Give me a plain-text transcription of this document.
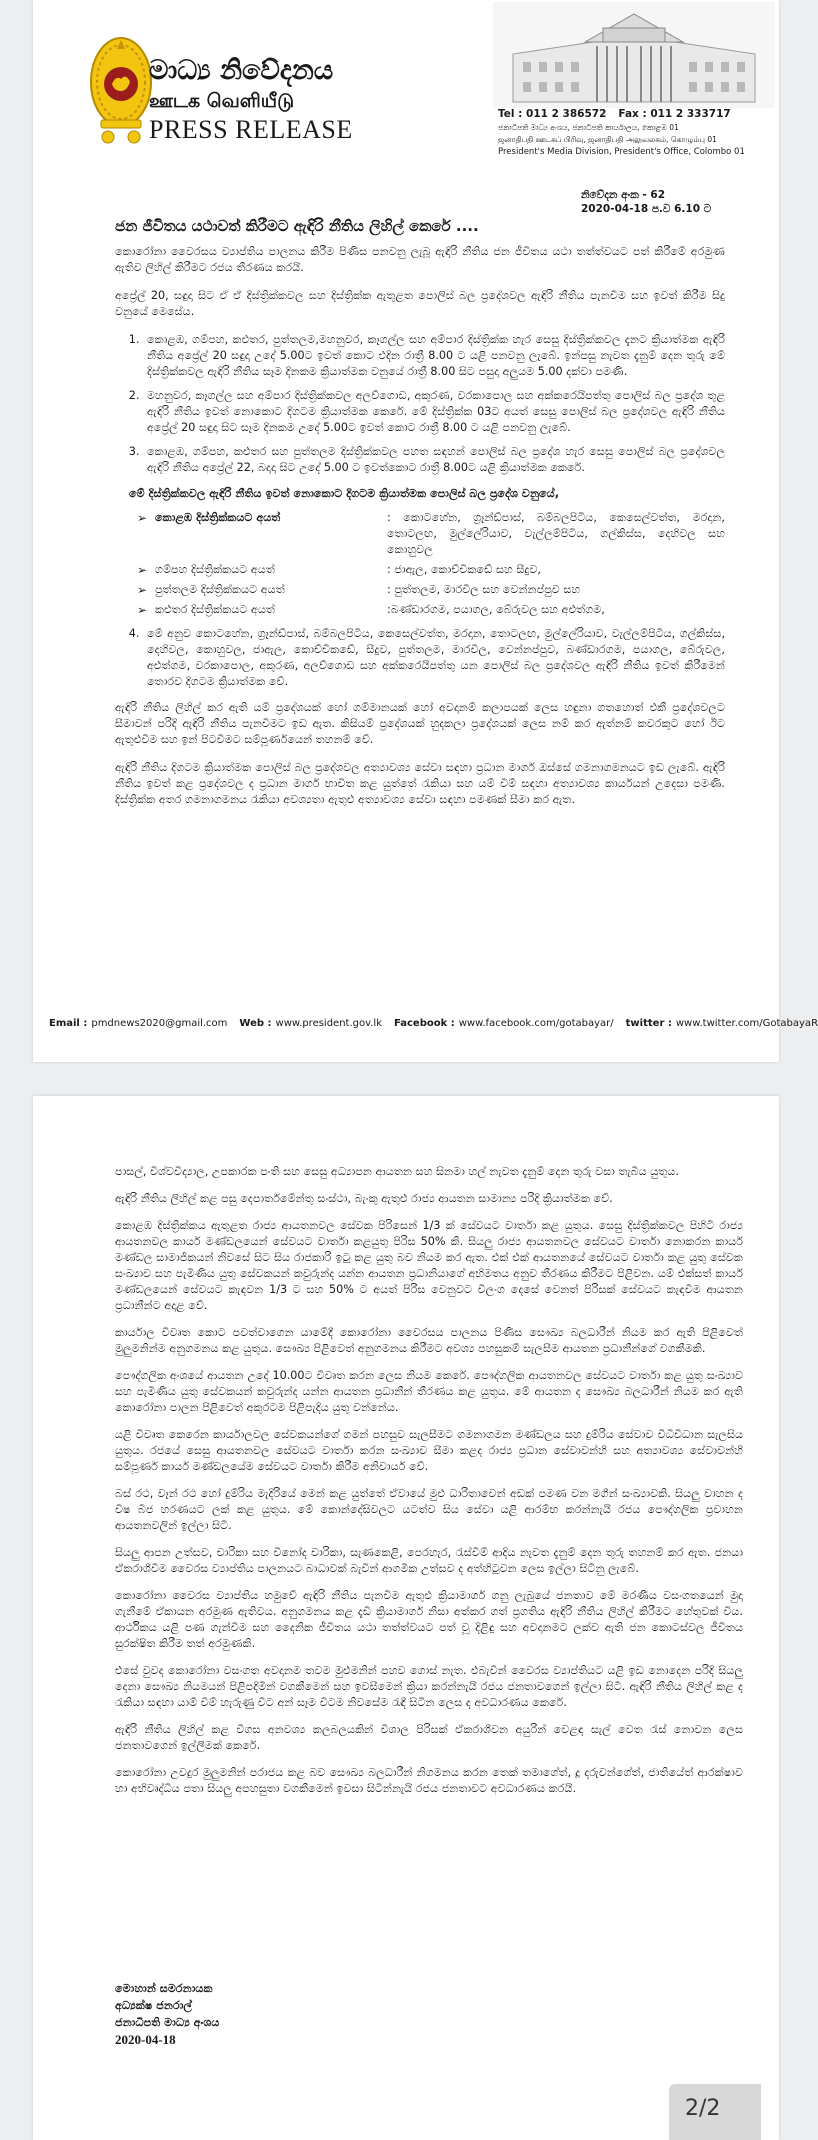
මාධ්‍ය නිවේදනය
ஊடக வெளியீடு
PRESS RELEASE
Tel : 011 2 386572 Fax : 011 2 333717
ජනාධිපති මාධ්‍ය අංශය, ජනාධිපති කාර්යාලය, කොළඹ 01
ஜனாதிபதி ஊடகப் பிரிவு, ஜனாதிபதி அலுவலகம், கொழும்பு 01
President's Media Division, President's Office, Colombo 01
නිවේදන අංක - 62
2020-04-18 ප.ව 6.10 ට
ජන ජීවිතය යථාවත් කිරීමට ඇඳිරි නීතිය ලිහිල් කෙරේ ....

කොරෝනා වෛරසය ව්‍යාප්තිය පාලනය කිරීම පිණිස පනවනු ලැබූ ඇඳිරි නීතිය ජන ජීවිතය යථා තත්ත්වයට පත් කිරීමේ අරමුණ ඇතිව ලිහිල් කිරීමට රජය තීරණය කරයි.

අප්‍රේල් 20, සඳුදා සිට ඒ ඒ දිස්ත්‍රික්කවල සහ දිස්ත්‍රික්ක ඇතුළත පොලිස් බල ප්‍රදේශවල ඇඳිරි නීතිය පැනවීම සහ ඉවත් කිරීම සිදු වනුයේ මෙසේය.

1. කොළඹ, ගම්පහ, කළුතර, පුත්තලම,මහනුවර, කෑගල්ල සහ අම්පාර දිස්ත්‍රික්ක හැර සෙසු දිස්ත්‍රික්කවල දැනට ක්‍රියාත්මක ඇඳිරි නීතිය අප්‍රේල් 20 සඳුදා උදේ 5.00ට ඉවත් කොට එදින රාත්‍රී 8.00 ට යළි පනවනු ලැබේ. ඉන්පසු නැවත දැනුම් දෙන තුරු මේ දිස්ත්‍රික්කවල ඇඳිරි නීතිය සෑම දිනකම ක්‍රියාත්මක වනුයේ රාත්‍රී 8.00 සිට පසුදා අලුයම 5.00 දක්වා පමණි.
2. මහනුවර, කෑගල්ල සහ අම්පාර දිස්ත්‍රික්කවල අලව්ගොඩ, අකුරණ, වරකාපොල සහ අක්කරෙයිපත්තු පොලිස් බල ප්‍රදේශ තුළ ඇඳිරි නීතිය ඉවත් නොකොට දිගටම ක්‍රියාත්මක කෙරේ. මේ දිස්ත්‍රික්ක 03ට අයත් සෙසු පොලිස් බල ප්‍රදේශවල ඇඳිරි නීතිය අප්‍රේල් 20 සඳුදා සිට සෑම දිනකම උදේ 5.00ට ඉවත් කොට රාත්‍රී 8.00 ට යළි පනවනු ලැබේ.
3. කොළඹ, ගම්පහ, කළුතර සහ පුත්තලම දිස්ත්‍රික්කවල පහත සඳහන් පොලිස් බල ප්‍රදේශ හැර සෙසු පොලිස් බල ප්‍රදේශවල ඇඳිරි නීතිය අප්‍රේල් 22, බදාදා සිට උදේ 5.00 ට ඉවත්කොට රාත්‍රී 8.00ට යළි ක්‍රියාත්මක කෙරේ.
මේ දිස්ත්‍රික්කවල ඇඳිරි නීතිය ඉවත් නොකොට දිගටම ක්‍රියාත්මක පොලිස් බල ප්‍රදේශ වනුයේ,
➢ කොළඹ දිස්ත්‍රික්කයට අයත්	: කොටහේන, ග්‍රෑන්ඩ්පාස්, බම්බලපිටිය, කෙසෙල්වත්ත, මරදාන, තොටලඟ, මුල්ලේරියාව, වැල්ලම්පිටිය, ගල්කිස්ස, දෙහිවල සහ කොහුවල
➢ ගම්පහ දිස්ත්‍රික්කයට අයත්	: ජාඇල, කොච්චිකඩේ සහ සීදුව,
➢ පුත්තලම දිස්ත්‍රික්කයට අයත්	: පුත්තලම, මාරවිල සහ වෙන්නප්පුව සහ
➢ කළුතර දිස්ත්‍රික්කයට අයත්	:බණ්ඩාරගම, පයාගල, බේරුවල සහ අළුත්ගම,
4. මේ අනුව කොටහේන, ග්‍රෑන්ඩ්පාස්, බම්බලපිටිය, කෙසෙල්වත්ත, මරදාන, තොටලඟ, මුල්ලේරියාව, වැල්ලම්පිටිය, ගල්කිස්ස, දෙහිවල, කොහුවල, ජාඇල, කොච්චිකඩේ, සීදුව, පුත්තලම, මාරවිල, වෙන්නප්පුව, බණ්ඩාරගම, පයාගල, බේරුවල, අළුත්ගම, වරකාපොල, අකුරණ, අලව්ගොඩ සහ අක්කරෙයිපත්තු යන පොලිස් බල ප්‍රදේශවල ඇඳිරි නීතිය ඉවත් කිරීමෙන් තොරව දිගටම ක්‍රියාත්මක වේ.

ඇඳිරි නීතිය ලිහිල් කර ඇති යම් ප්‍රදේශයක් හෝ ගම්මානයක් හෝ අවදානම් කලාපයක් ලෙස හඳුනා ගතහොත් එකී ප්‍රදේශවලට සීමාවන් පරිදි ඇඳිරි නීතිය පැනවීමට ඉඩ ඇත. කිසියම් ප්‍රදේශයක් හුදකලා ප්‍රදේශයක් ලෙස නම් කර ඇත්නම් කවරකුට හෝ ඊට ඇතුළුවීම සහ ඉන් පිටවීමට සම්පූර්ණයෙන් තහනම් වේ.

ඇඳිරි නීතිය දිගටම ක්‍රියාත්මක පොලිස් බල ප්‍රදේශවල අත්‍යාවශ්‍ය සේවා සඳහා ප්‍රධාන මාර්ග ඔස්සේ ගමනාගමනයට ඉඩ ලැබේ. ඇඳිරි නීතිය ඉවත් කළ ප්‍රදේශවල ද ප්‍රධාන මාර්ග භාවිත කළ යුත්තේ රැකියා සහ යම් වීම් සඳහා අත්‍යාවශ්‍ය කාර්යයන් උදෙසා පමණි. දිස්ත්‍රික්ක අතර ගමනාගමනය රැකියා අවශ්‍යතා ඇතුළු අත්‍යාවශ්‍ය සේවා සඳහා පමණක් සීමා කර ඇත.

Email : pmdnews2020@gmail.com Web : www.president.gov.lk Facebook : www.facebook.com/gotabayar/ twitter : www.twitter.com/GotabayaR

පාසල්, විශ්වවිද්‍යාල, උපකාරක පංති සහ සෙසු අධ්‍යාපන ආයතන සහ සිනමා හල් නැවත දැනුම් දෙන තුරු වසා තැබිය යුතුය.

ඇඳිරි නීතිය ලිහිල් කළ පසු දෙපාර්තමේන්තු සංස්ථා, බැංකු ඇතුළු රාජ්‍ය ආයතන සාමාන්‍ය පරිදි ක්‍රියාත්මක වේ.

කොළඹ දිස්ත්‍රික්කය ඇතුළත රාජ්‍ය ආයතනවල සේවක පිරිසෙන් 1/3 ක් සේවයට වාර්තා කළ යුතුය. සෙසු දිස්ත්‍රික්කවල පිහිටි රාජ්‍ය ආයතනවල කාර්ය මණ්ඩලයෙන් සේවයට වාර්තා කළයුතු පිරිස 50% කි. සියලු රාජ්‍ය ආයතනවල සේවයට වාර්තා නොකරන කාර්ය මණ්ඩල සාමාජිකයන් නිවසේ සිට සිය රාජකාරි ඉටු කළ යුතු බව නියම කර ඇත. එක් එක් ආයතනයේ සේවයට වාර්තා කළ යුතු සේවක සංඛ්‍යාව සහ පැමිණිය යුතු සේවකයන් කවුරුන්ද යන්න ආයතන ප්‍රධානියාගේ අභිමතය අනුව තීරණය කිරීමට පිළිවන. යම් එක්සත් කාර්ය මණ්ඩලයෙන් සේවයට කැඳවන 1/3 ට සහ 50% ට අයත් පිරිස වෙනුවට විලංග දෙසේ වෙනත් පිරිසක් සේවයට කැඳවීම ආයතන ප්‍රධානීන්ට අදාළ වේ.

කාර්යාල විවෘත කොට පවත්වාගෙන යාමේදී කොරෝනා වෛරසය පාලනය පිණිස සෞඛ්‍ය බලධාරීන් නියම කර ඇති පිළිවෙත් මුලුමනින්ම අනුගමනය කළ යුතුය. සෞඛ්‍ය පිළිවෙත් අනුගමනය කිරීමට අවශ්‍ය පහසුකම් සැලසීම ආයතන ප්‍රධානීන්ගේ වගකීමකි.

පෞද්ගලික අංශයේ ආයතන උදේ 10.00ට විවෘත කරන ලෙස නියම කෙරේ. පෞද්ගලික ආයතනවල සේවයට වාර්තා කළ යුතු සංඛ්‍යාව සහ පැමිණිය යුතු සේවකයන් කවුරුන්ද යන්න ආයතන ප්‍රධානීන් තීරණය කළ යුතුය. මේ ආයතන ද සෞඛ්‍ය බලධාරීන් නියම කර ඇති කොරෝනා පාලන පිළිවෙත් අකුරටම පිළිපැදිය යුතු වන්නේය.

යළි විවෘත කෙරෙන කාර්යාලවල සේවකයන්ගේ ගමන් පහසුව සැලසීමට ගමනාගමන මණ්ඩලය සහ දුම්රිය සේවාව විධිවිධාන සැලසිය යුතුය. රජයේ සෙසු ආයතනවල සේවයට වාර්තා කරන සංඛ්‍යාව සීමා කළද රාජ්‍ය ප්‍රධාන සේවාවන්හි සහ අත්‍යාවශ්‍ය සේවාවන්හි සම්පූර්ණ කාර්ය මණ්ඩලයේම සේවයට වාර්තා කිරීම අනිවාර්ය වේ.

බස් රථ, වෑන් රථ හෝ දුම්රිය මැදිරියේ මෙන් කළ යුත්තේ ඒවායේ මුළු ධාරිතාවෙන් අඩක් පමණ වන මගීන් සංඛ්‍යාවකි. සියලු වාහන ද විෂ බීජ හරණයට ලක් කළ යුතුය. මේ කොන්දේසිවලට යටත්ව සිය සේවා යළි ආරම්භ කරන්නැයි රජය පෞද්ගලික ප්‍රවාහන ආයතනවලින් ඉල්ලා සිටී.

සියලු ආපන උත්සව, චාරිකා සහ විනෝද චාරිකා, සැණකෙළි, පෙරහැර, රැස්වීම් ආදිය නැවත දැනුම් දෙන තුරු තහනම් කර ඇත. ජනයා ඒකරාශීවීම වෛරස ව්‍යාප්තිය පාලනයට බාධාවක් බැවින් ආගමික උත්සව ද අත්හිටුවන ලෙස ඉල්ලා සිටිනු ලැබේ.

කොරෝනා වෛරස ව්‍යාප්තිය හමුවේ ඇඳිරි නීතිය පැනවීම ඇතුළු ක්‍රියාමාර්ග ගනු ලැබුයේ ජනතාව මේ මරණීය වසංගතයෙන් මුදා ගැනීමේ ඒකායන අරමුණ ඇතිවය. අනුගමනය කළ දැඩි ක්‍රියාමාර්ග නිසා අත්කර ගත් ප්‍රගතිය ඇඳිරි නීතිය ලිහිල් කිරීමට හේතුවක් විය. ආර්ථිකය යළි පණ ගැන්වීම සහ දෛනික ජීවිතය යථා තත්ත්වයට පත් වූ දිළිඳු සහ අවදානමට ලක්ව ඇති ජන කොටස්වල ජීවිතය සුරක්ෂිත කිරීම තත් අරමුණකි.

එසේ වුවද කොරෝනා වසංගත අවදානම තවම මුළුමනින් පහව ගොස් නැත. එබැවින් වෛරස ව්‍යාප්තියට යළි ඉඩ නොදෙන පරිදි සියලු දෙනා සෞඛ්‍ය නියමයන් පිළිපදිමින් වගකීමෙන් සහ ඉවසීමෙන් ක්‍රියා කරන්නැයි රජය ජනතාවගෙන් ඉල්ලා සිටී. ඇඳිරි නීතිය ලිහිල් කළ ද රැකියා සඳහා යාම් වීම් හැරුණු විට අන් සෑම විටම නිවසේම රැඳී සිටින ලෙස ද අවධාරණය කෙරේ.

ඇඳිරි නීතිය ලිහිල් කළ විගස අනවශ්‍ය කලබලයකින් විශාල පිරිසක් ඒකරාශීවන අයුරින් වෙළඳ සැල් වෙත රැස් නොවන ලෙස ජනතාවගෙන් ඉල්ලීමක් කෙරේ.

කොරෝනා උවදුර මුලුමනින් පරාජය කළ බව සෞඛ්‍ය බලධාරීන් නිගමනය කරන තෙක් තමාගේත්, දූ දරුවන්ගේත්, ජාතියේත් ආරක්ෂාව හා අභිවෘද්ධිය පතා සියලු අපහසුතා වගකීමෙන් ඉවසා සිටින්නැයි රජය ජනතාවට අවධාරණය කරයි.

මොහාන් සමරනායක
අධ්‍යක්ෂ ජනරාල්
ජනාධිපති මාධ්‍ය අංශය
2020-04-18
2/2
